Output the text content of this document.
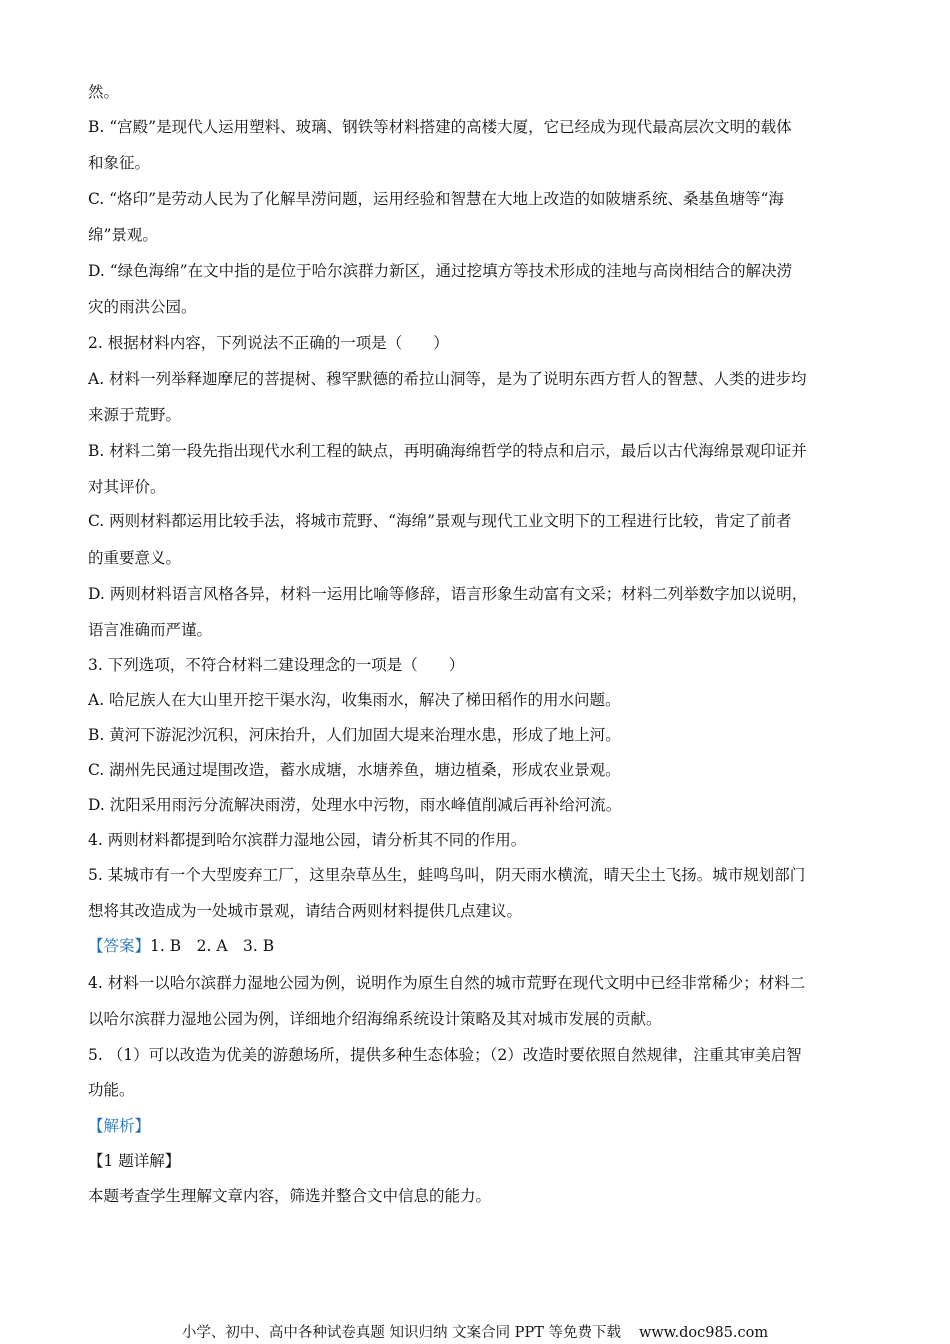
然。
B. “宫殿”是现代人运用塑料、玻璃、钢铁等材料搭建的高楼大厦，它已经成为现代最高层次文明的载体
和象征。
C. “烙印”是劳动人民为了化解旱涝问题，运用经验和智慧在大地上改造的如陂塘系统、桑基鱼塘等“海
绵”景观。
D. “绿色海绵”在文中指的是位于哈尔滨群力新区，通过挖填方等技术形成的洼地与高岗相结合的解决涝
灾的雨洪公园。
2. 根据材料内容，下列说法不正确的一项是（　　）
A. 材料一列举释迦摩尼的菩提树、穆罕默德的希拉山洞等，是为了说明东西方哲人的智慧、人类的进步均
来源于荒野。
B. 材料二第一段先指出现代水利工程的缺点，再明确海绵哲学的特点和启示，最后以古代海绵景观印证并
对其评价。
C. 两则材料都运用比较手法，将城市荒野、“海绵”景观与现代工业文明下的工程进行比较，肯定了前者
的重要意义。
D. 两则材料语言风格各异，材料一运用比喻等修辞，语言形象生动富有文采；材料二列举数字加以说明，
语言准确而严谨。
3. 下列选项，不符合材料二建设理念的一项是（　　）
A. 哈尼族人在大山里开挖干渠水沟，收集雨水，解决了梯田稻作的用水问题。
B. 黄河下游泥沙沉积，河床抬升，人们加固大堤来治理水患，形成了地上河。
C. 湖州先民通过堤围改造，蓄水成塘，水塘养鱼，塘边植桑，形成农业景观。
D. 沈阳采用雨污分流解决雨涝，处理水中污物，雨水峰值削减后再补给河流。
4. 两则材料都提到哈尔滨群力湿地公园，请分析其不同的作用。
5. 某城市有一个大型废弃工厂，这里杂草丛生，蛙鸣鸟叫，阴天雨水横流，晴天尘土飞扬。城市规划部门
想将其改造成为一处城市景观，请结合两则材料提供几点建议。
【答案】1. B　2. A　3. B
4. 材料一以哈尔滨群力湿地公园为例，说明作为原生自然的城市荒野在现代文明中已经非常稀少；材料二
以哈尔滨群力湿地公园为例，详细地介绍海绵系统设计策略及其对城市发展的贡献。
5. （1）可以改造为优美的游憩场所，提供多种生态体验；（2）改造时要依照自然规律，注重其审美启智
功能。
【解析】
【1 题详解】
本题考查学生理解文章内容，筛选并整合文中信息的能力。
小学、初中、高中各种试卷真题 知识归纳 文案合同 PPT 等免费下载 www.doc985.com
